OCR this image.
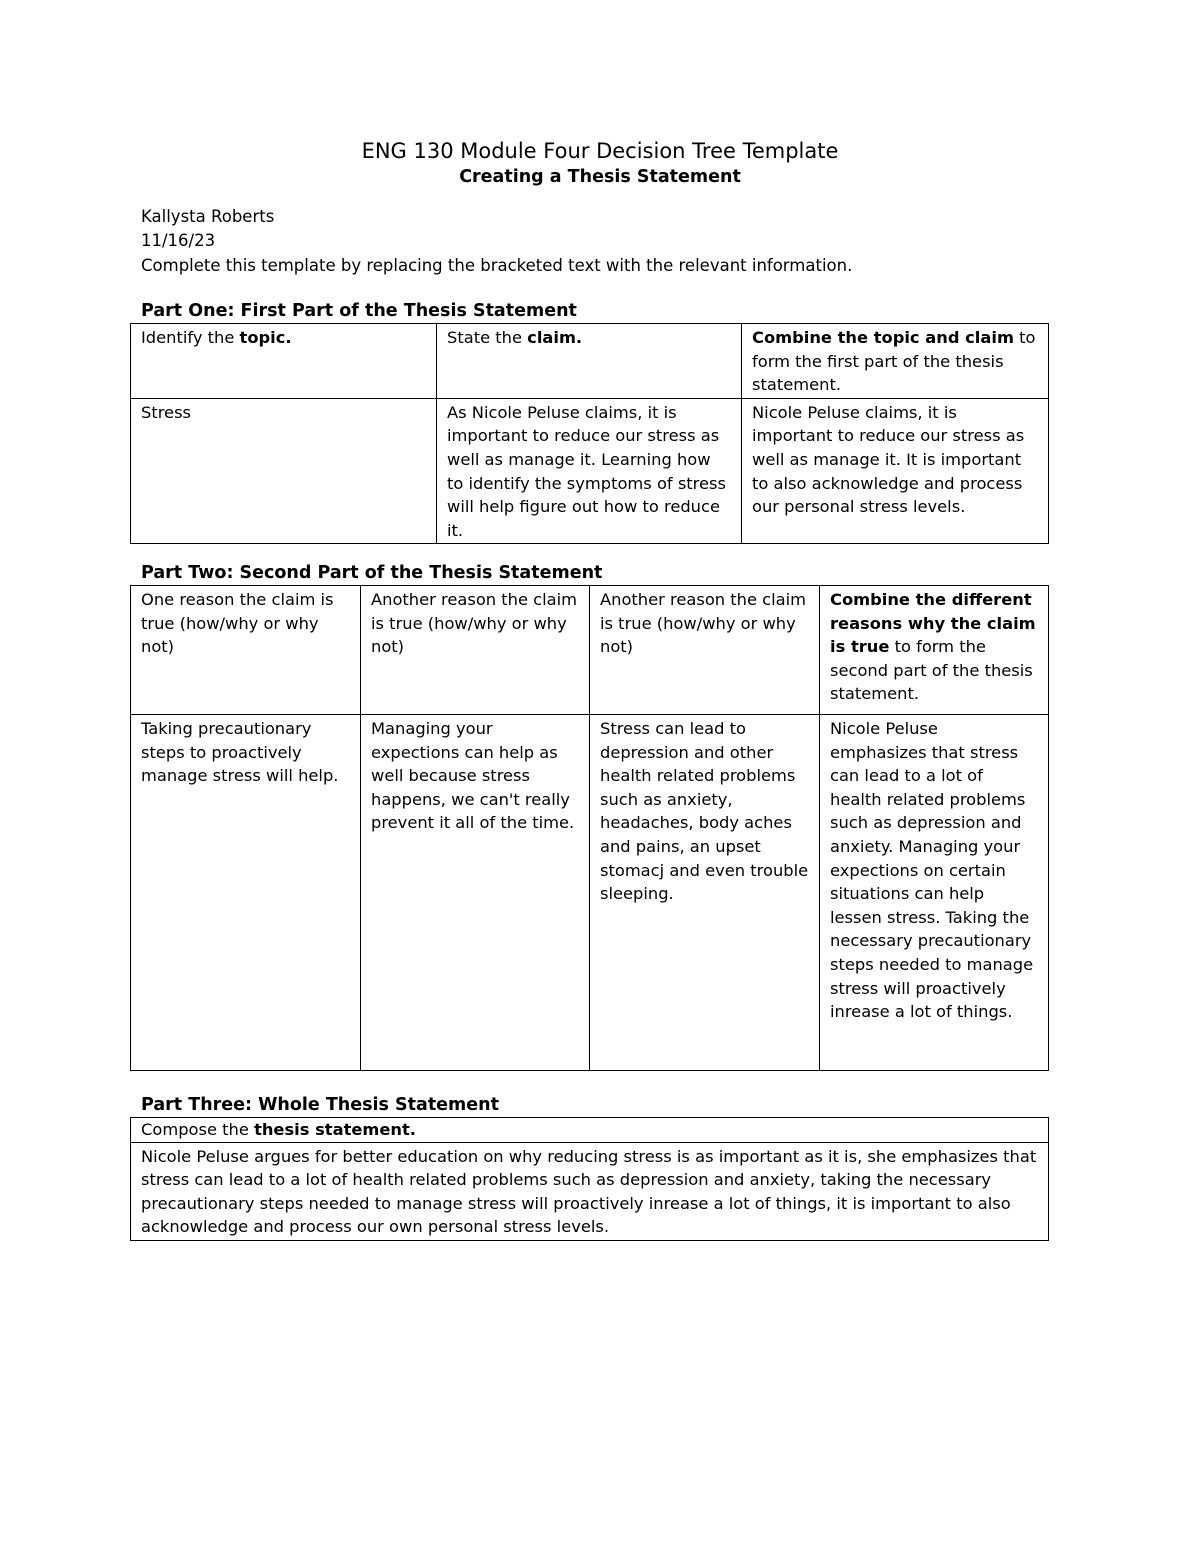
ENG 130 Module Four Decision Tree Template
Creating a Thesis Statement
Kallysta Roberts
11/16/23
Complete this template by replacing the bracketed text with the relevant information.
Part One: First Part of the Thesis Statement
Identify the topic.	State the claim.	Combine the topic and claim to form the first part of the thesis statement.
Stress	As Nicole Peluse claims, it is important to reduce our stress as well as manage it. Learning how to identify the symptoms of stress will help figure out how to reduce it.	Nicole Peluse claims, it is important to reduce our stress as well as manage it. It is important to also acknowledge and process our personal stress levels.
Part Two: Second Part of the Thesis Statement
One reason the claim is true (how/why or why not)	Another reason the claim is true (how/why or why not)	Another reason the claim is true (how/why or why not)	Combine the different reasons why the claim is true to form the second part of the thesis statement.
Taking precautionary steps to proactively manage stress will help.	Managing your expections can help as well because stress happens, we can't really prevent it all of the time.	Stress can lead to depression and other health related problems such as anxiety, headaches, body aches and pains, an upset stomacj and even trouble sleeping.	Nicole Peluse emphasizes that stress can lead to a lot of health related problems such as depression and anxiety. Managing your expections on certain situations can help lessen stress. Taking the necessary precautionary steps needed to manage stress will proactively inrease a lot of things.
Part Three: Whole Thesis Statement
Compose the thesis statement.
Nicole Peluse argues for better education on why reducing stress is as important as it is, she emphasizes that stress can lead to a lot of health related problems such as depression and anxiety, taking the necessary precautionary steps needed to manage stress will proactively inrease a lot of things, it is important to also acknowledge and process our own personal stress levels.
